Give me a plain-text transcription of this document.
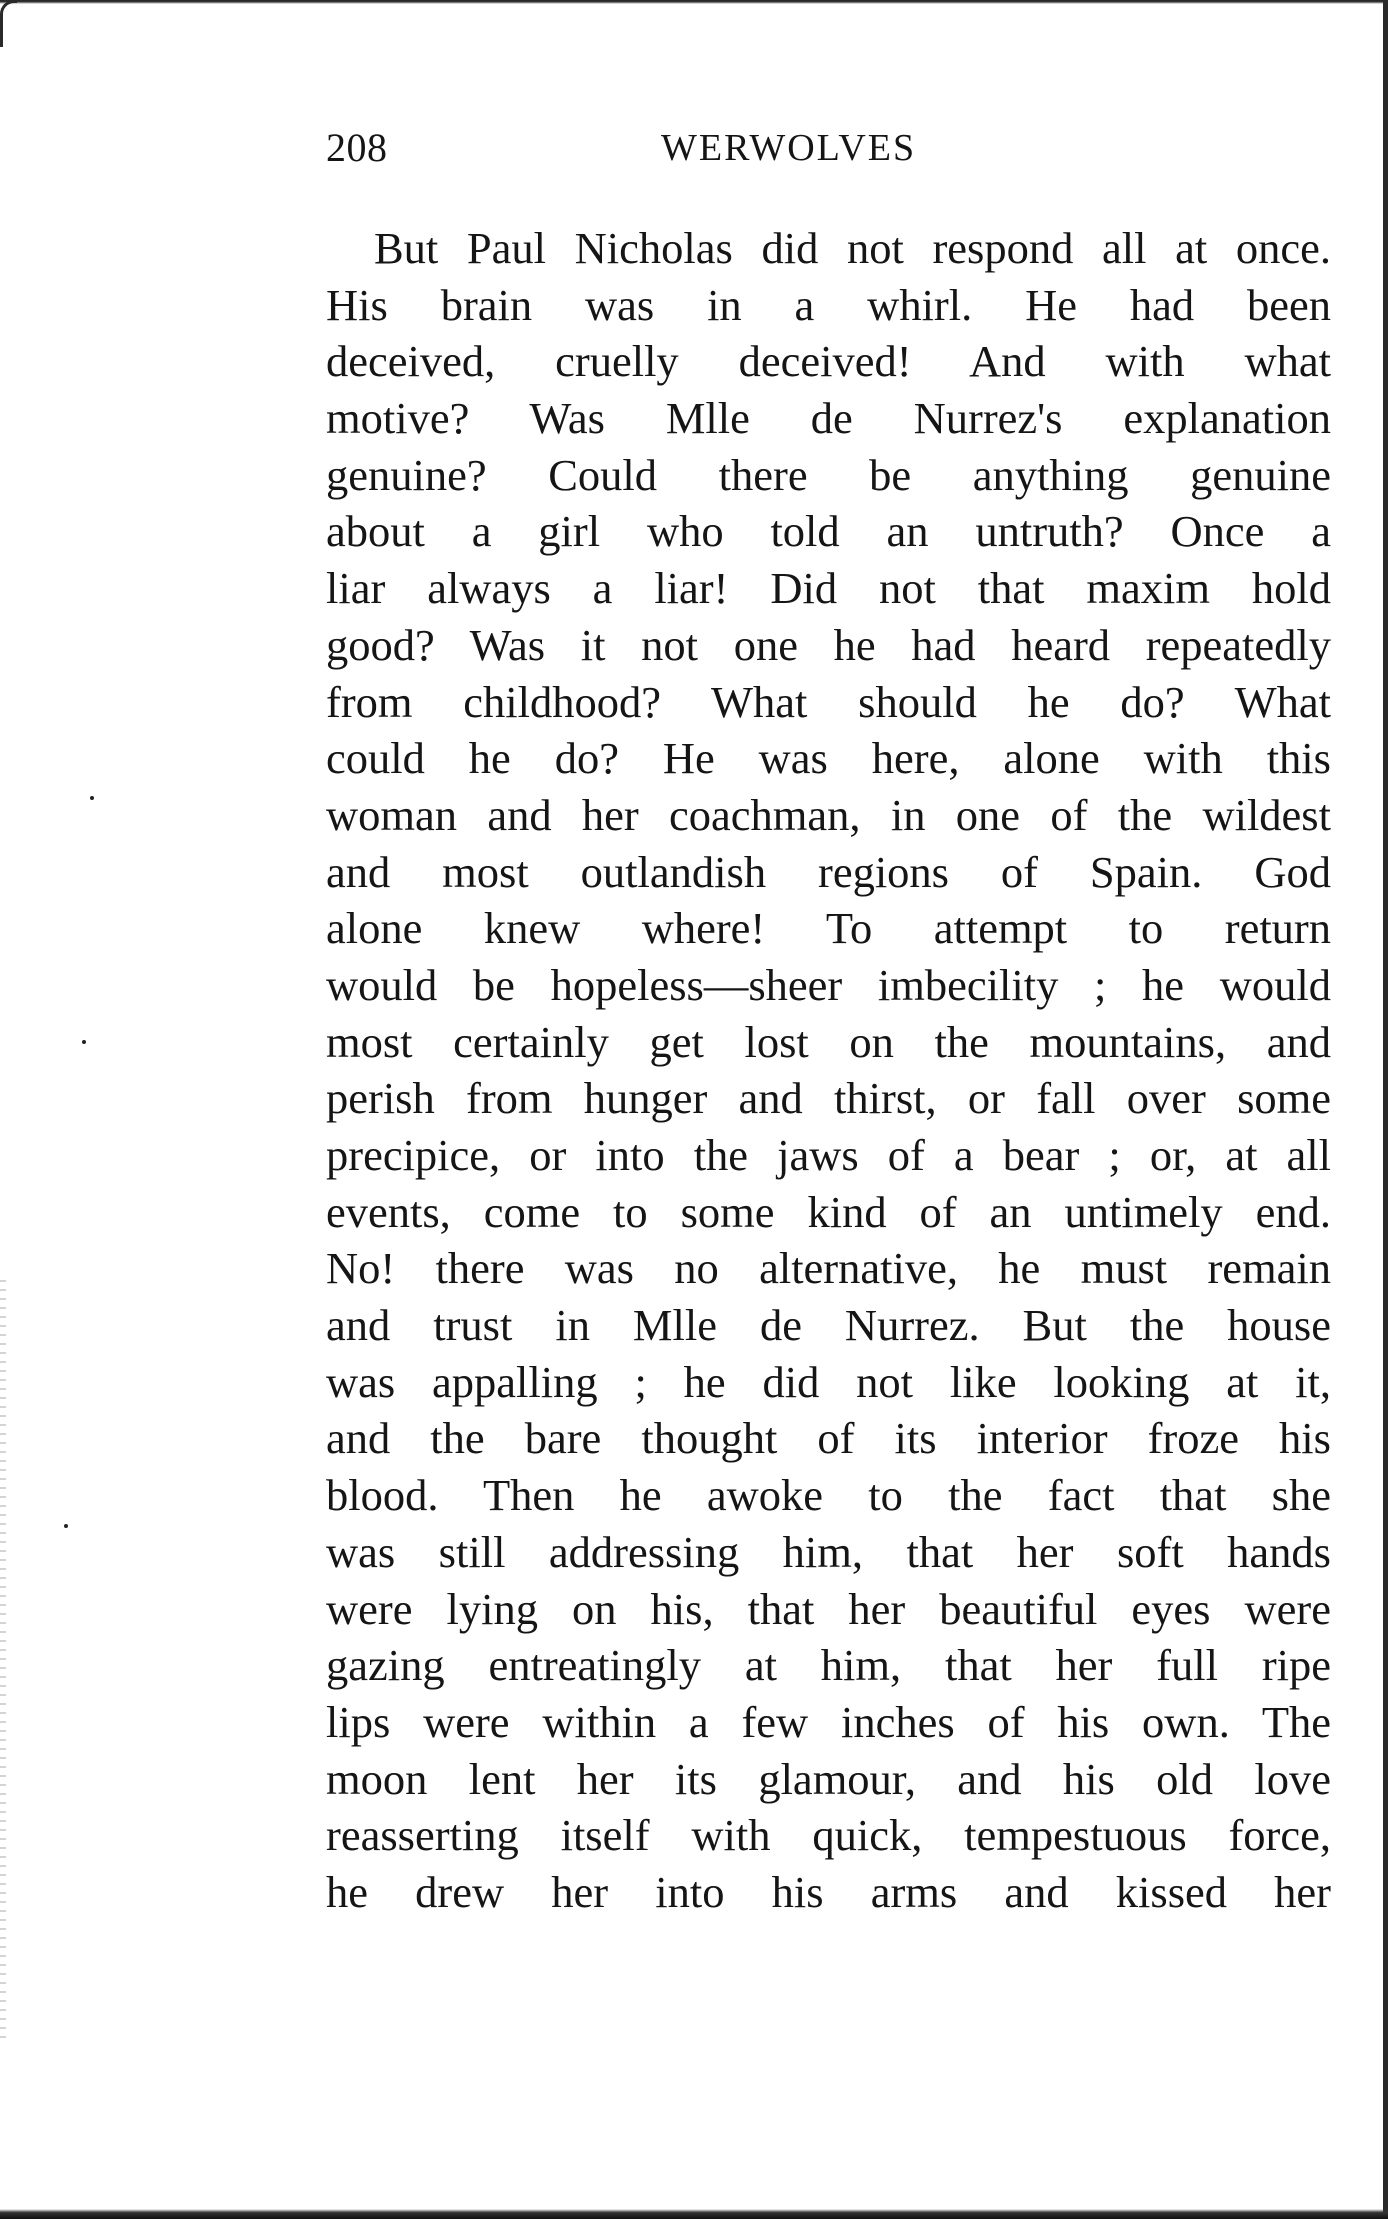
208	WERWOLVES
But Paul Nicholas did not respond all at once.
His brain was in a whirl. He had been
deceived, cruelly deceived! And with what
motive? Was Mlle de Nurrez's explanation
genuine? Could there be anything genuine
about a girl who told an untruth? Once a
liar always a liar! Did not that maxim hold
good? Was it not one he had heard repeatedly
from childhood? What should he do? What
could he do? He was here, alone with this
woman and her coachman, in one of the wildest
and most outlandish regions of Spain. God
alone knew where! To attempt to return
would be hopeless—sheer imbecility ; he would
most certainly get lost on the mountains, and
perish from hunger and thirst, or fall over some
precipice, or into the jaws of a bear ; or, at all
events, come to some kind of an untimely end.
No! there was no alternative, he must remain
and trust in Mlle de Nurrez. But the house
was appalling ; he did not like looking at it,
and the bare thought of its interior froze his
blood. Then he awoke to the fact that she
was still addressing him, that her soft hands
were lying on his, that her beautiful eyes were
gazing entreatingly at him, that her full ripe
lips were within a few inches of his own. The
moon lent her its glamour, and his old love
reasserting itself with quick, tempestuous force,
he drew her into his arms and kissed her
